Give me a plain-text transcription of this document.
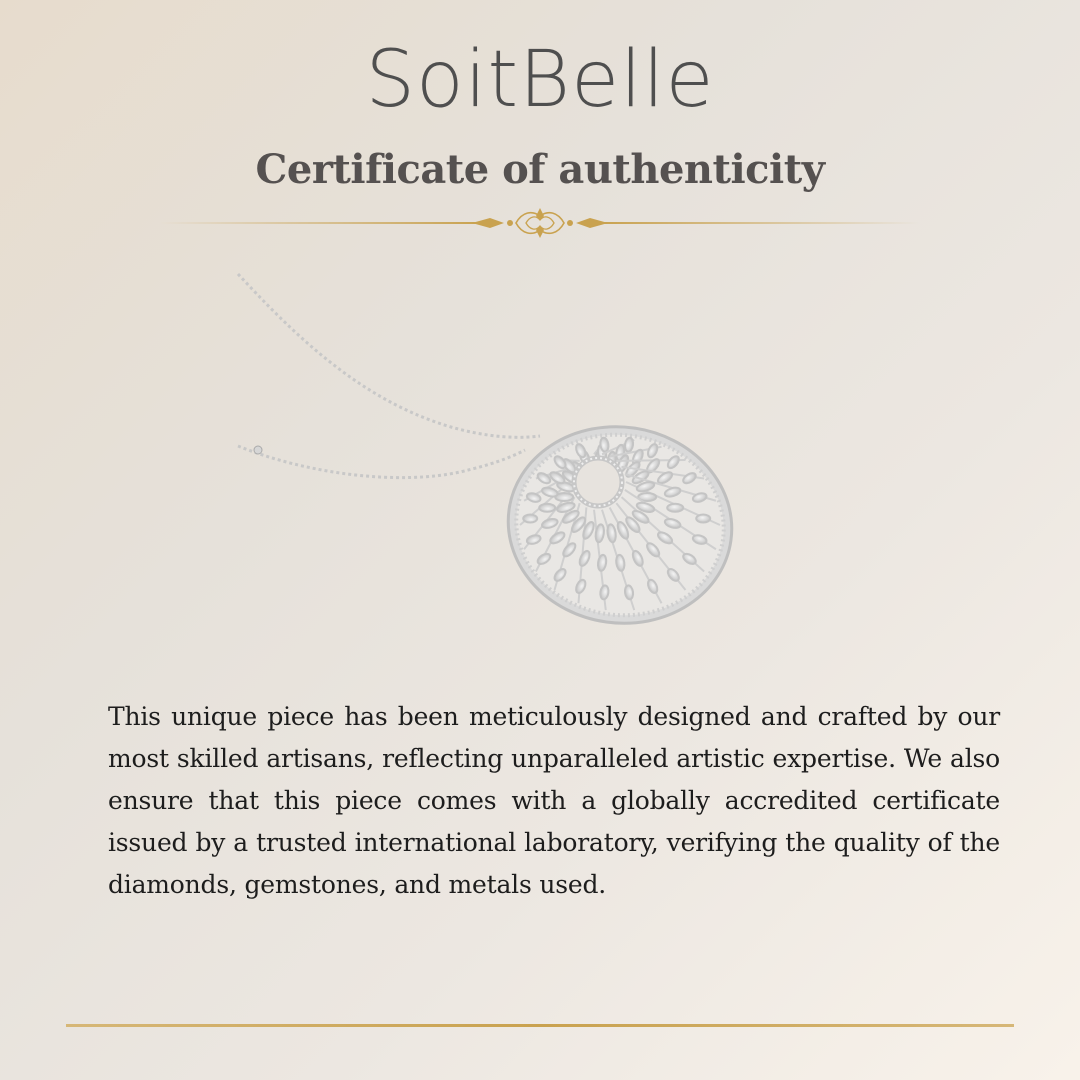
SoitBelle
Certificate of authenticity
This unique piece has been meticulously designed and crafted by our most skilled artisans, reflecting unparalleled artistic expertise. We also ensure that this piece comes with a globally accredited certificate issued by a trusted international laboratory, verifying the quality of the diamonds, gemstones, and metals used.
